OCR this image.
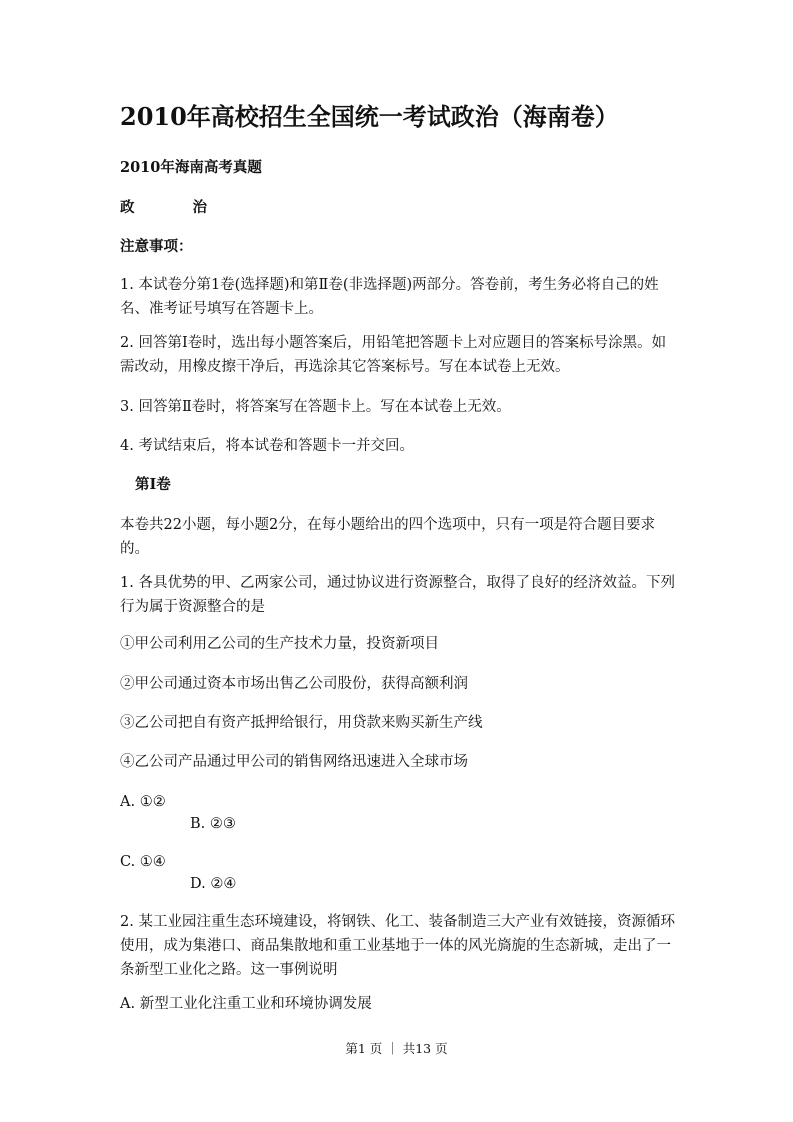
2010年高校招生全国统一考试政治（海南卷）
2010年海南高考真题
政	治
注意事项：
1. 本试卷分第1卷(选择题)和第Ⅱ卷(非选择题)两部分。答卷前，考生务必将自己的姓名、准考证号填写在答题卡上。
2. 回答第Ⅰ卷时，选出每小题答案后，用铅笔把答题卡上对应题目的答案标号涂黑。如需改动，用橡皮擦干净后，再选涂其它答案标号。写在本试卷上无效。
3. 回答第Ⅱ卷时，将答案写在答题卡上。写在本试卷上无效。
4. 考试结束后，将本试卷和答题卡一并交回。
第Ⅰ卷
本卷共22小题，每小题2分，在每小题给出的四个选项中，只有一项是符合题目要求的。
1. 各具优势的甲、乙两家公司，通过协议进行资源整合，取得了良好的经济效益。下列行为属于资源整合的是
①甲公司利用乙公司的生产技术力量，投资新项目
②甲公司通过资本市场出售乙公司股份，获得高额利润
③乙公司把自有资产抵押给银行，用贷款来购买新生产线
④乙公司产品通过甲公司的销售网络迅速进入全球市场
A. ①②
B. ②③
C. ①④
D. ②④
2. 某工业园注重生态环境建设，将钢铁、化工、装备制造三大产业有效链接，资源循环使用，成为集港口、商品集散地和重工业基地于一体的风光旖旎的生态新城，走出了一条新型工业化之路。这一事例说明
A. 新型工业化注重工业和环境协调发展
第1 页 ｜ 共13 页
